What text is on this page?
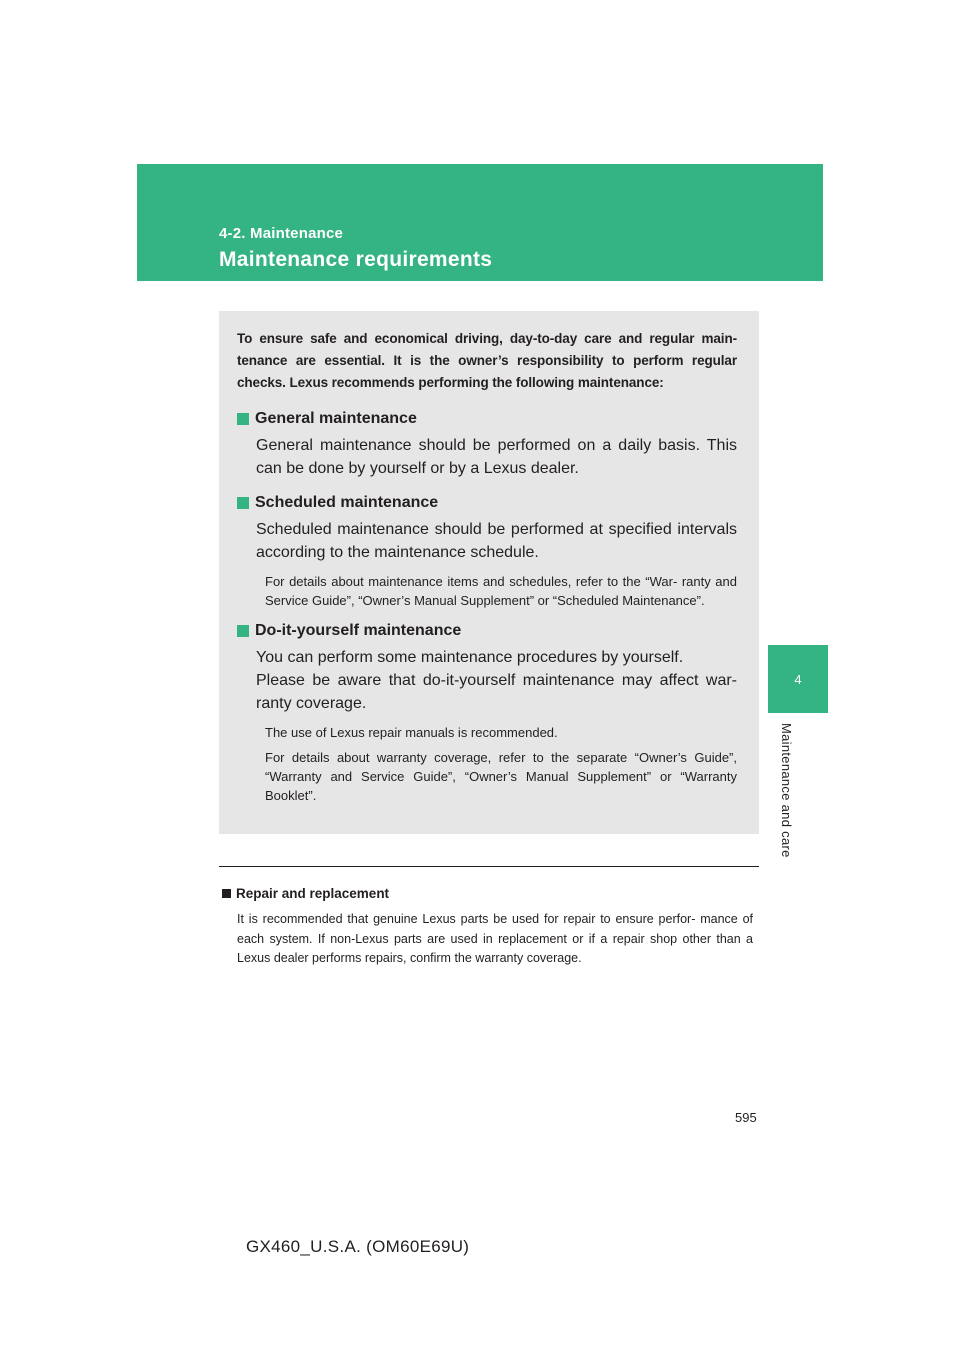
4-2. Maintenance
Maintenance requirements
4
Maintenance and care

To ensure safe and economical driving, day-to-day care and regular main- tenance are essential. It is the owner’s responsibility to perform regular checks. Lexus recommends performing the following maintenance:

General maintenance

General maintenance should be performed on a daily basis. This can be done by yourself or by a Lexus dealer.

Scheduled maintenance

Scheduled maintenance should be performed at specified intervals according to the maintenance schedule.

For details about maintenance items and schedules, refer to the “War- ranty and Service Guide”, “Owner’s Manual Supplement” or “Scheduled Maintenance”.

Do-it-yourself maintenance

You can perform some maintenance procedures by yourself.

Please be aware that do-it-yourself maintenance may affect war- ranty coverage.

The use of Lexus repair manuals is recommended.

For details about warranty coverage, refer to the separate “Owner’s Guide”, “Warranty and Service Guide”, “Owner’s Manual Supplement” or “Warranty Booklet”.

Repair and replacement

It is recommended that genuine Lexus parts be used for repair to ensure perfor- mance of each system. If non-Lexus parts are used in replacement or if a repair shop other than a Lexus dealer performs repairs, confirm the warranty coverage.

595
GX460_U.S.A. (OM60E69U)
